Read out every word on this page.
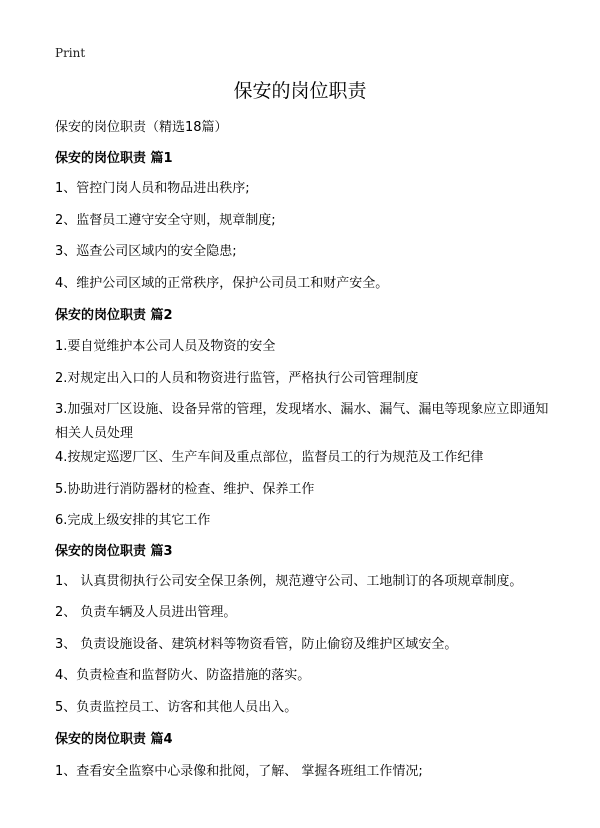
Print
保安的岗位职责
保安的岗位职责（精选18篇）
保安的岗位职责 篇1
1、管控门岗人员和物品进出秩序;
2、监督员工遵守安全守则，规章制度;
3、巡查公司区域内的安全隐患;
4、维护公司区域的正常秩序，保护公司员工和财产安全。
保安的岗位职责 篇2
1.要自觉维护本公司人员及物资的安全
2.对规定出入口的人员和物资进行监管，严格执行公司管理制度
3.加强对厂区设施、设备异常的管理，发现堵水、漏水、漏气、漏电等现象应立即通知相关人员处理
4.按规定巡逻厂区、生产车间及重点部位，监督员工的行为规范及工作纪律
5.协助进行消防器材的检查、维护、保养工作
6.完成上级安排的其它工作
保安的岗位职责 篇3
1、 认真贯彻执行公司安全保卫条例，规范遵守公司、工地制订的各项规章制度。
2、 负责车辆及人员进出管理。
3、 负责设施设备、建筑材料等物资看管，防止偷窃及维护区域安全。
4、负责检查和监督防火、防盗措施的落实。
5、负责监控员工、访客和其他人员出入。
保安的岗位职责 篇4
1、查看安全监察中心录像和批阅，了解、 掌握各班组工作情况;
